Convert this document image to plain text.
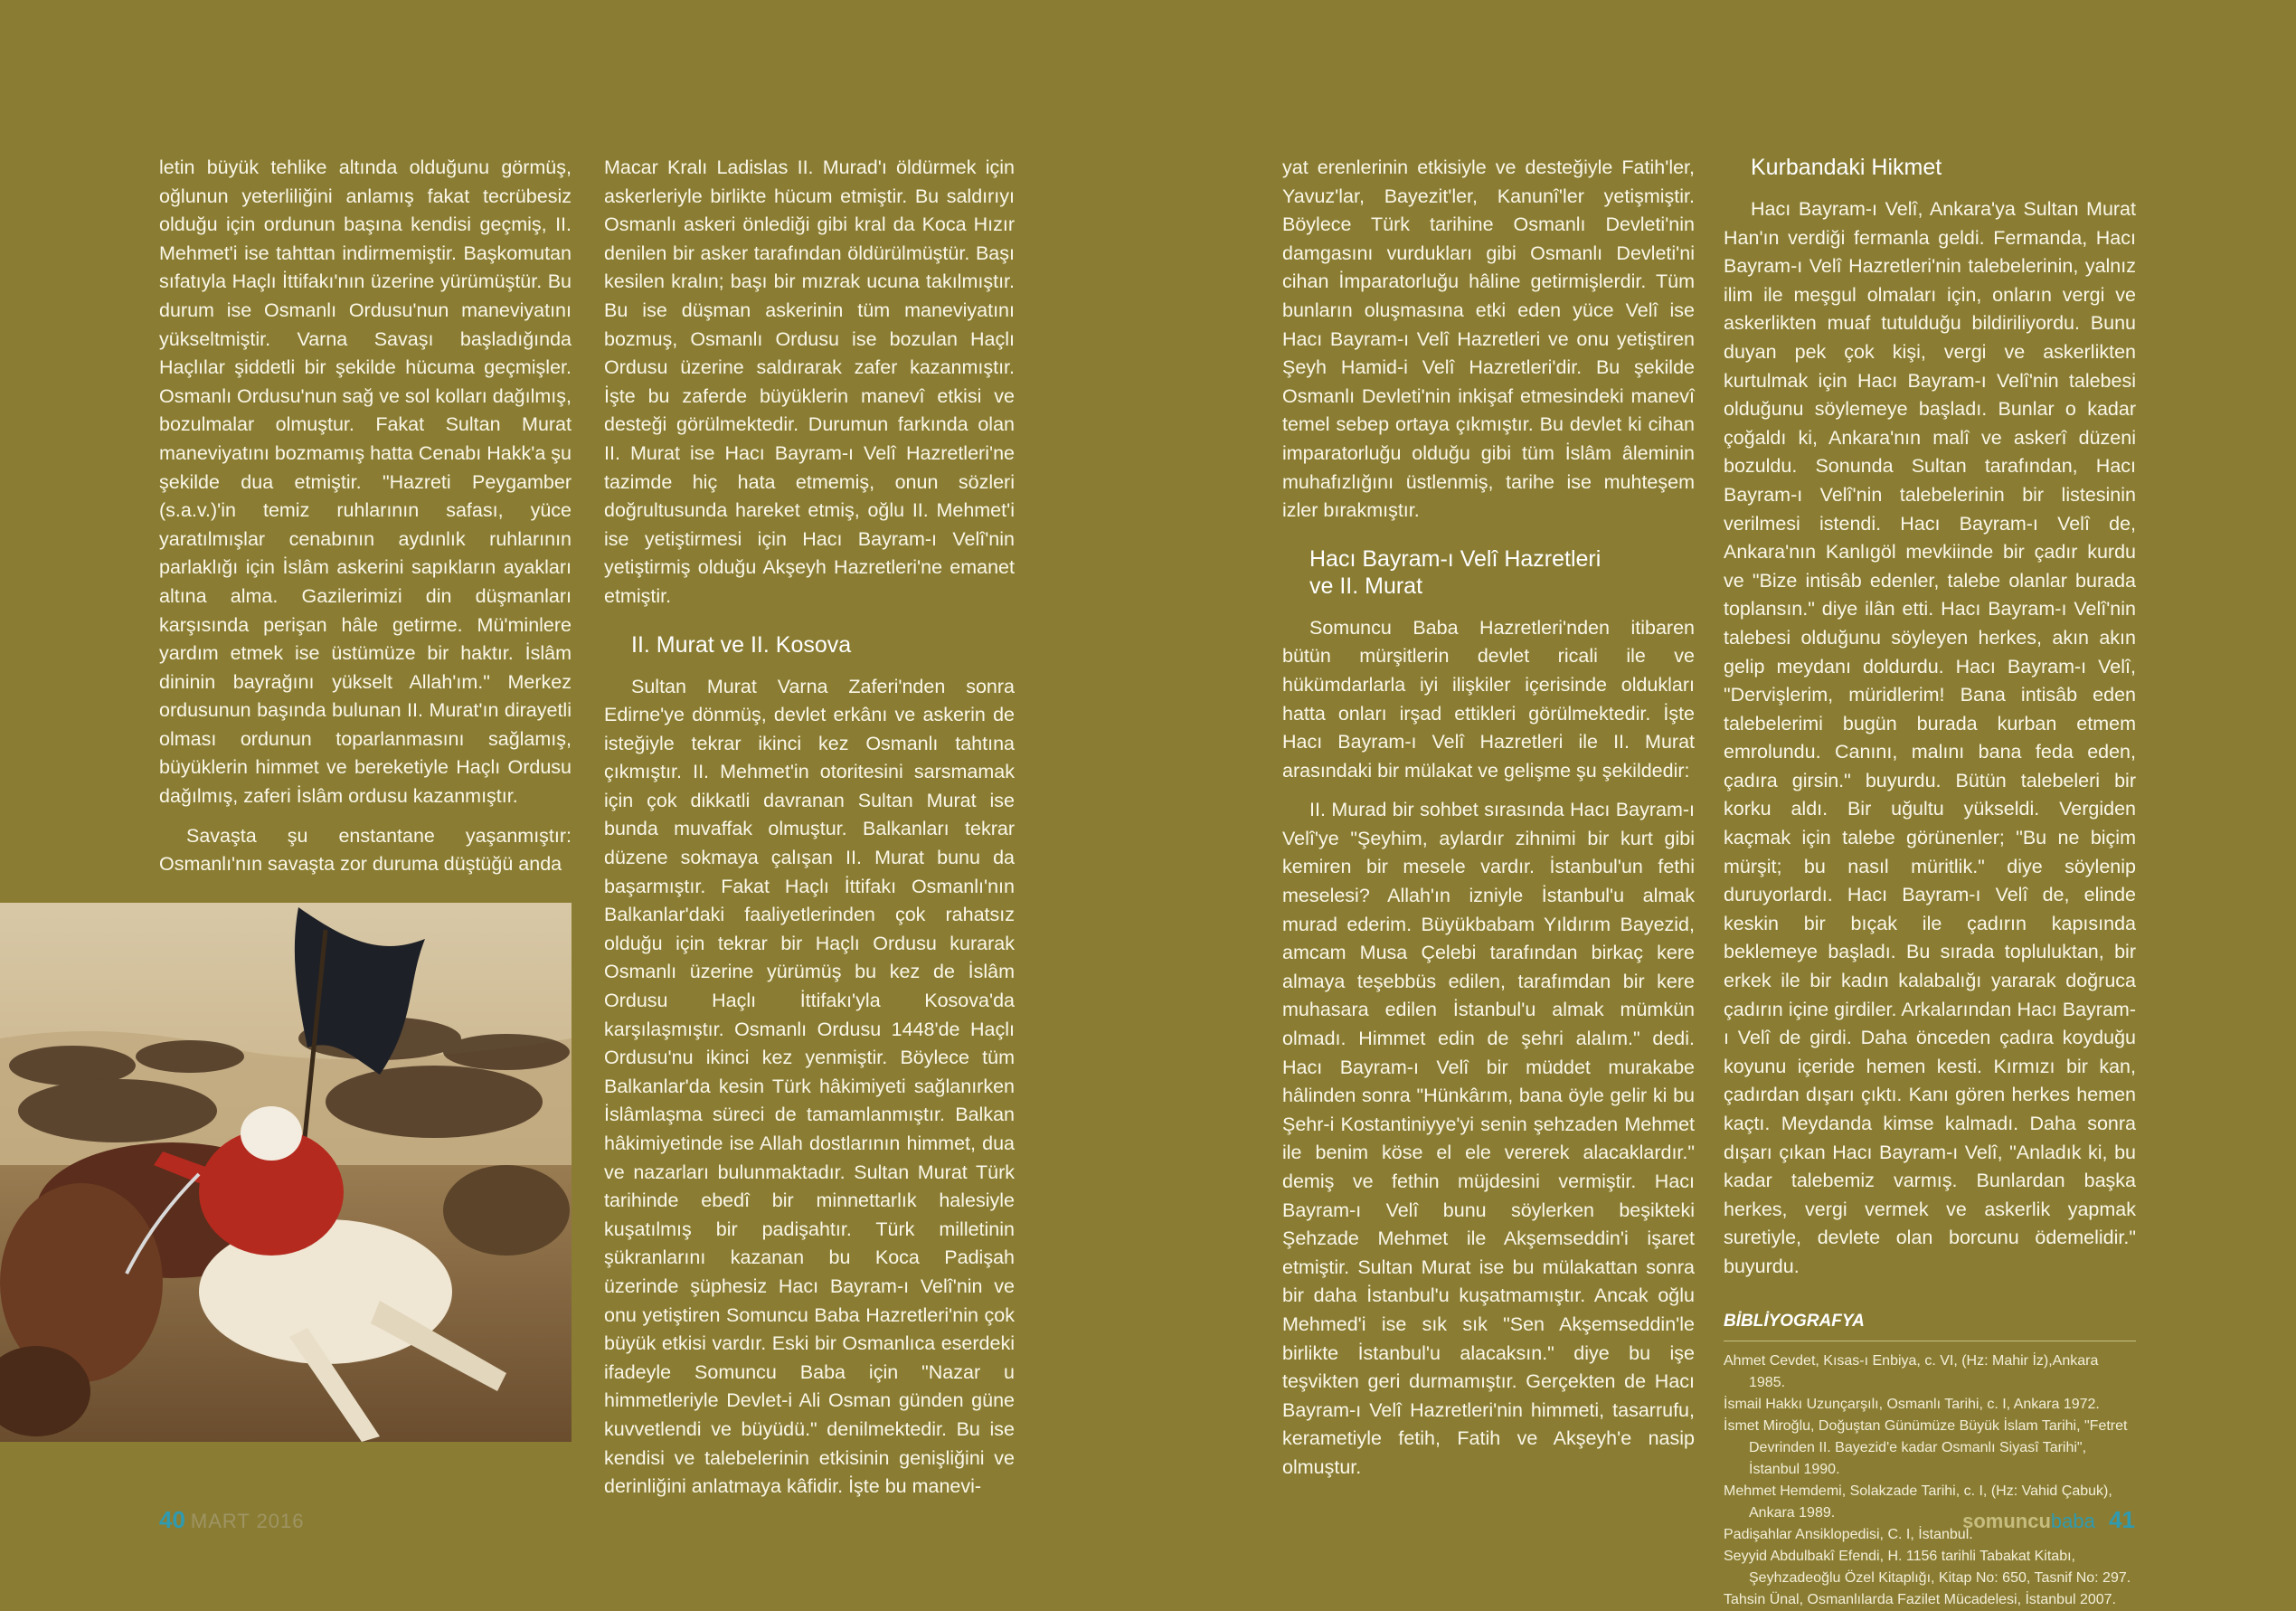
letin büyük tehlike altında olduğunu görmüş, oğlunun yeterliliğini anlamış fakat tecrübesiz olduğu için ordunun başına kendisi geçmiş, II. Mehmet'i ise tahttan indirmemiştir. Başkomutan sıfatıyla Haçlı İttifakı'nın üzerine yürümüştür. Bu durum ise Osmanlı Ordusu'nun maneviyatını yükseltmiştir. Varna Savaşı başladığında Haçlılar şiddetli bir şekilde hücuma geçmişler. Osmanlı Ordusu'nun sağ ve sol kolları dağılmış, bozulmalar olmuştur. Fakat Sultan Murat maneviyatını bozmamış hatta Cenabı Hakk'a şu şekilde dua etmiştir. "Hazreti Peygamber (s.a.v.)'in temiz ruhlarının safası, yüce yaratılmışlar cenabının aydınlık ruhlarının parlaklığı için İslâm askerini sapıkların ayakları altına alma. Gazilerimizi din düşmanları karşısında perişan hâle getirme. Mü'minlere yardım etmek ise üstümüze bir haktır. İslâm dininin bayrağını yükselt Allah'ım." Merkez ordusunun başında bulunan II. Murat'ın dirayetli olması ordunun toparlanmasını sağlamış, büyüklerin himmet ve bereketiyle Haçlı Ordusu dağılmış, zaferi İslâm ordusu kazanmıştır.

Savaşta şu enstantane yaşanmıştır: Osmanlı'nın savaşta zor duruma düştüğü anda

Macar Kralı Ladislas II. Murad'ı öldürmek için askerleriyle birlikte hücum etmiştir. Bu saldırıyı Osmanlı askeri önlediği gibi kral da Koca Hızır denilen bir asker tarafından öldürülmüştür. Başı kesilen kralın; başı bir mızrak ucuna takılmıştır. Bu ise düşman askerinin tüm maneviyatını bozmuş, Osmanlı Ordusu ise bozulan Haçlı Ordusu üzerine saldırarak zafer kazanmıştır. İşte bu zaferde büyüklerin manevî etkisi ve desteği görülmektedir. Durumun farkında olan II. Murat ise Hacı Bayram-ı Velî Hazretleri'ne tazimde hiç hata etmemiş, onun sözleri doğrultusunda hareket etmiş, oğlu II. Mehmet'i ise yetiştirmesi için Hacı Bayram-ı Velî'nin yetiştirmiş olduğu Akşeyh Hazretleri'ne emanet etmiştir.

II. Murat ve II. Kosova

Sultan Murat Varna Zaferi'nden sonra Edirne'ye dönmüş, devlet erkânı ve askerin de isteğiyle tekrar ikinci kez Osmanlı tahtına çıkmıştır. II. Mehmet'in otoritesini sarsmamak için çok dikkatli davranan Sultan Murat ise bunda muvaffak olmuştur. Balkanları tekrar düzene sokmaya çalışan II. Murat bunu da başarmıştır. Fakat Haçlı İttifakı Osmanlı'nın Balkanlar'daki faaliyetlerinden çok rahatsız olduğu için tekrar bir Haçlı Ordusu kurarak Osmanlı üzerine yürümüş bu kez de İslâm Ordusu Haçlı İttifakı'yla Kosova'da karşılaşmıştır. Osmanlı Ordusu 1448'de Haçlı Ordusu'nu ikinci kez yenmiştir. Böylece tüm Balkanlar'da kesin Türk hâkimiyeti sağlanırken İslâmlaşma süreci de tamamlanmıştır. Balkan hâkimiyetinde ise Allah dostlarının himmet, dua ve nazarları bulunmaktadır. Sultan Murat Türk tarihinde ebedî bir minnettarlık halesiyle kuşatılmış bir padişahtır. Türk milletinin şükranlarını kazanan bu Koca Padişah üzerinde şüphesiz Hacı Bayram-ı Velî'nin ve onu yetiştiren Somuncu Baba Hazretleri'nin çok büyük etkisi vardır. Eski bir Osmanlıca eserdeki ifadeyle Somuncu Baba için "Nazar u himmetleriyle Devlet-i Ali Osman günden güne kuvvetlendi ve büyüdü." denilmektedir. Bu ise kendisi ve talebelerinin etkisinin genişliğini ve derinliğini anlatmaya kâfidir. İşte bu manevi-

40 MART 2016

yat erenlerinin etkisiyle ve desteğiyle Fatih'ler, Yavuz'lar, Bayezit'ler, Kanunî'ler yetişmiştir. Böylece Türk tarihine Osmanlı Devleti'nin damgasını vurdukları gibi Osmanlı Devleti'ni cihan İmparatorluğu hâline getirmişlerdir. Tüm bunların oluşmasına etki eden yüce Velî ise Hacı Bayram-ı Velî Hazretleri ve onu yetiştiren Şeyh Hamid-i Velî Hazretleri'dir. Bu şekilde Osmanlı Devleti'nin inkişaf etmesindeki manevî temel sebep ortaya çıkmıştır. Bu devlet ki cihan imparatorluğu olduğu gibi tüm İslâm âleminin muhafızlığını üstlenmiş, tarihe ise muhteşem izler bırakmıştır.

Hacı Bayram-ı Velî Hazretleri
ve II. Murat

Somuncu Baba Hazretleri'nden itibaren bütün mürşitlerin devlet ricali ile ve hükümdarlarla iyi ilişkiler içerisinde oldukları hatta onları irşad ettikleri görülmektedir. İşte Hacı Bayram-ı Velî Hazretleri ile II. Murat arasındaki bir mülakat ve gelişme şu şekildedir:

II. Murad bir sohbet sırasında Hacı Bayram-ı Velî'ye "Şeyhim, aylardır zihnimi bir kurt gibi kemiren bir mesele vardır. İstanbul'un fethi meselesi? Allah'ın izniyle İstanbul'u almak murad ederim. Büyükbabam Yıldırım Bayezid, amcam Musa Çelebi tarafından birkaç kere almaya teşebbüs edilen, tarafımdan bir kere muhasara edilen İstanbul'u almak mümkün olmadı. Himmet edin de şehri alalım." dedi. Hacı Bayram-ı Velî bir müddet murakabe hâlinden sonra "Hünkârım, bana öyle gelir ki bu Şehr-i Kostantiniyye'yi senin şehzaden Mehmet ile benim köse el ele vererek alacaklardır." demiş ve fethin müjdesini vermiştir. Hacı Bayram-ı Velî bunu söylerken beşikteki Şehzade Mehmet ile Akşemseddin'i işaret etmiştir. Sultan Murat ise bu mülakattan sonra bir daha İstanbul'u kuşatmamıştır. Ancak oğlu Mehmed'i ise sık sık "Sen Akşemseddin'le birlikte İstanbul'u alacaksın." diye bu işe teşvikten geri durmamıştır. Gerçekten de Hacı Bayram-ı Velî Hazretleri'nin himmeti, tasarrufu, kerametiyle fetih, Fatih ve Akşeyh'e nasip olmuştur.

Kurbandaki Hikmet

Hacı Bayram-ı Velî, Ankara'ya Sultan Murat Han'ın verdiği fermanla geldi. Fermanda, Hacı Bayram-ı Velî Hazretleri'nin talebelerinin, yalnız ilim ile meşgul olmaları için, onların vergi ve askerlikten muaf tutulduğu bildiriliyordu. Bunu duyan pek çok kişi, vergi ve askerlikten kurtulmak için Hacı Bayram-ı Velî'nin talebesi olduğunu söylemeye başladı. Bunlar o kadar çoğaldı ki, Ankara'nın malî ve askerî düzeni bozuldu. Sonunda Sultan tarafından, Hacı Bayram-ı Velî'nin talebelerinin bir listesinin verilmesi istendi. Hacı Bayram-ı Velî de, Ankara'nın Kanlıgöl mevkiinde bir çadır kurdu ve "Bize intisâb edenler, talebe olanlar burada toplansın." diye ilân etti. Hacı Bayram-ı Velî'nin talebesi olduğunu söyleyen herkes, akın akın gelip meydanı doldurdu. Hacı Bayram-ı Velî, "Dervişlerim, müridlerim! Bana intisâb eden talebelerimi bugün burada kurban etmem emrolundu. Canını, malını bana feda eden, çadıra girsin." buyurdu. Bütün talebeleri bir korku aldı. Bir uğultu yükseldi. Vergiden kaçmak için talebe görünenler; "Bu ne biçim mürşit; bu nasıl müritlik." diye söylenip duruyorlardı. Hacı Bayram-ı Velî de, elinde keskin bir bıçak ile çadırın kapısında beklemeye başladı. Bu sırada topluluktan, bir erkek ile bir kadın kalabalığı yararak doğruca çadırın içine girdiler. Arkalarından Hacı Bayram-ı Velî de girdi. Daha önceden çadıra koyduğu koyunu içeride hemen kesti. Kırmızı bir kan, çadırdan dışarı çıktı. Kanı gören herkes hemen kaçtı. Meydanda kimse kalmadı. Daha sonra dışarı çıkan Hacı Bayram-ı Velî, "Anladık ki, bu kadar talebemiz varmış. Bunlardan başka herkes, vergi vermek ve askerlik yapmak suretiyle, devlete olan borcunu ödemelidir." buyurdu.

BİBLİYOGRAFYA
Ahmet Cevdet, Kısas-ı Enbiya, c. VI, (Hz: Mahir İz),Ankara 1985.
İsmail Hakkı Uzunçarşılı, Osmanlı Tarihi, c. I, Ankara 1972.
İsmet Miroğlu, Doğuştan Günümüze Büyük İslam Tarihi, "Fetret Devrinden II. Bayezid'e kadar Osmanlı Siyasî Tarihi", İstanbul 1990.
Mehmet Hemdemi, Solakzade Tarihi, c. I, (Hz: Vahid Çabuk), Ankara 1989.
Padişahlar Ansiklopedisi, C. I, İstanbul.
Seyyid Abdulbakî Efendi, H. 1156 tarihli Tabakat Kitabı, Şeyhzadeoğlu Özel Kitaplığı, Kitap No: 650, Tasnif No: 297.
Tahsin Ünal, Osmanlılarda Fazilet Mücadelesi, İstanbul 2007.
somuncubaba 41
